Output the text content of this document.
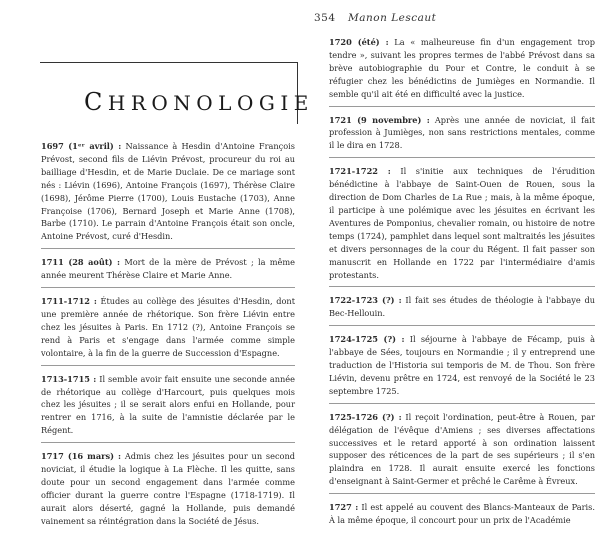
354 Manon Lescaut
CHRONOLOGIE
1697 (1ᵉʳ avril) : Naissance à Hesdin d'Antoine François Prévost, second fils de Liévin Prévost, procureur du roi au bailliage d'Hesdin, et de Marie Duclaie. De ce mariage sont nés : Liévin (1696), Antoine François (1697), Thérèse Claire (1698), Jérôme Pierre (1700), Louis Eustache (1703), Anne Françoise (1706), Bernard Joseph et Marie Anne (1708), Barbe (1710). Le parrain d'Antoine François était son oncle, Antoine Prévost, curé d'Hesdin.
1711 (28 août) : Mort de la mère de Prévost ; la même année meurent Thérèse Claire et Marie Anne.
1711-1712 : Études au collège des jésuites d'Hesdin, dont une première année de rhétorique. Son frère Liévin entre chez les jésuites à Paris. En 1712 (?), Antoine François se rend à Paris et s'engage dans l'armée comme simple volontaire, à la fin de la guerre de Succession d'Espagne.
1713-1715 : Il semble avoir fait ensuite une seconde année de rhétorique au collège d'Harcourt, puis quelques mois chez les jésuites ; il se serait alors enfui en Hollande, pour rentrer en 1716, à la suite de l'amnistie déclarée par le Régent.
1717 (16 mars) : Admis chez les jésuites pour un second noviciat, il étudie la logique à La Flèche. Il les quitte, sans doute pour un second engagement dans l'armée comme officier durant la guerre contre l'Espagne (1718-1719). Il aurait alors déserté, gagné la Hollande, puis demandé vainement sa réintégration dans la Société de Jésus.
1720 (été) : La « malheureuse fin d'un engagement trop tendre », suivant les propres termes de l'abbé Prévost dans sa brève autobiographie du Pour et Contre, le conduit à se réfugier chez les bénédictins de Jumièges en Normandie. Il semble qu'il ait été en difficulté avec la justice.
1721 (9 novembre) : Après une année de noviciat, il fait profession à Jumièges, non sans restrictions mentales, comme il le dira en 1728.
1721-1722 : Il s'initie aux techniques de l'érudition bénédictine à l'abbaye de Saint-Ouen de Rouen, sous la direction de Dom Charles de La Rue ; mais, à la même époque, il participe à une polémique avec les jésuites en écrivant les Aventures de Pomponius, chevalier romain, ou histoire de notre temps (1724), pamphlet dans lequel sont maltraités les jésuites et divers personnages de la cour du Régent. Il fait passer son manuscrit en Hollande en 1722 par l'intermédiaire d'amis protestants.
1722-1723 (?) : Il fait ses études de théologie à l'abbaye du Bec-Hellouin.
1724-1725 (?) : Il séjourne à l'abbaye de Fécamp, puis à l'abbaye de Sées, toujours en Normandie ; il y entreprend une traduction de l'Historia sui temporis de M. de Thou. Son frère Liévin, devenu prêtre en 1724, est renvoyé de la Société le 23 septembre 1725.
1725-1726 (?) : Il reçoit l'ordination, peut-être à Rouen, par délégation de l'évêque d'Amiens ; ses diverses affectations successives et le retard apporté à son ordination laissent supposer des réticences de la part de ses supérieurs ; il s'en plaindra en 1728. Il aurait ensuite exercé les fonctions d'enseignant à Saint-Germer et prêché le Carême à Évreux.
1727 : Il est appelé au couvent des Blancs-Manteaux de Paris. À la même époque, il concourt pour un prix de l'Académie
